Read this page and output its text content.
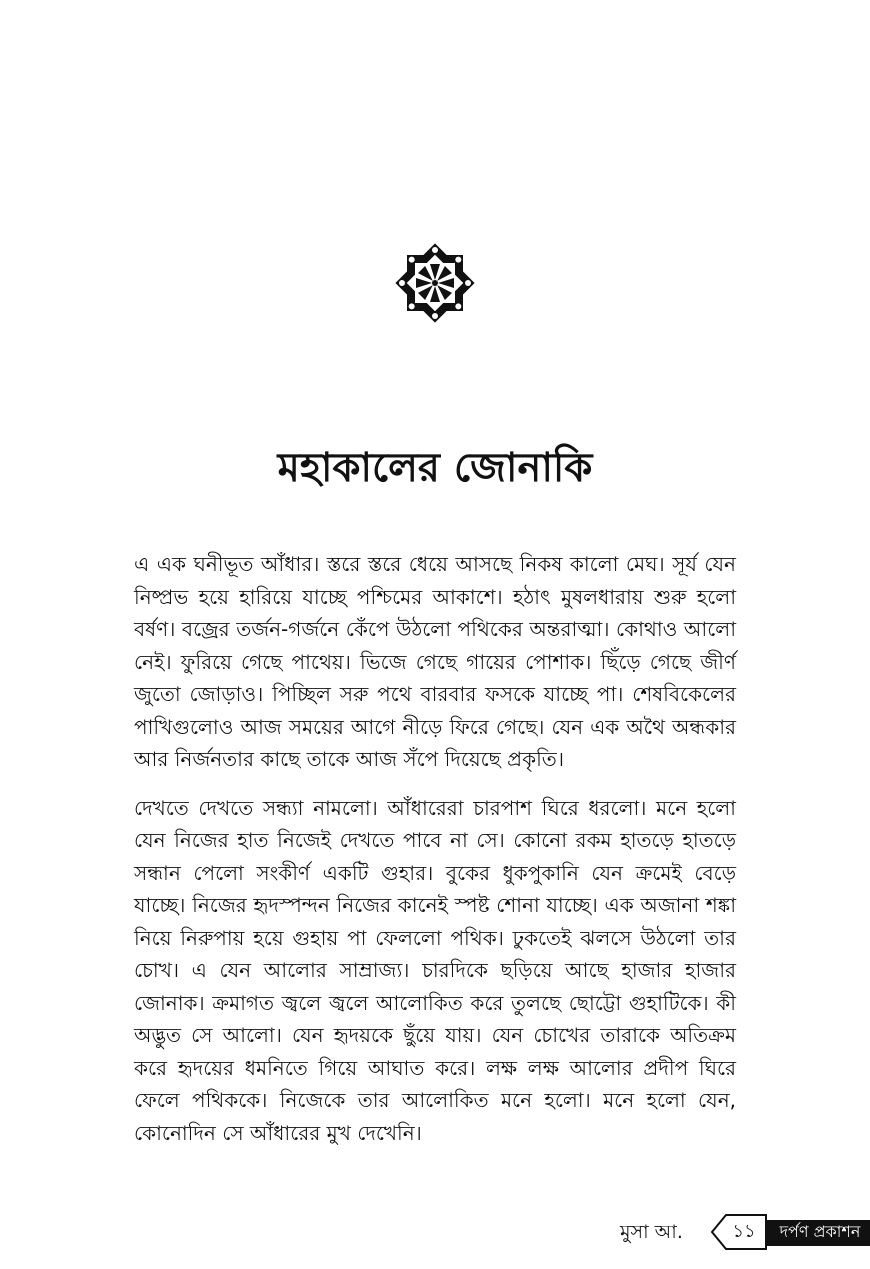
মহাকালের জোনাকি

এ এক ঘনীভূত আঁধার। স্তরে স্তরে ধেয়ে আসছে নিকষ কালো মেঘ। সূর্য যেন নিষ্প্রভ হয়ে হারিয়ে যাচ্ছে পশ্চিমের আকাশে। হঠাৎ মুষলধারায় শুরু হলো বর্ষণ। বজ্রের তর্জন-গর্জনে কেঁপে উঠলো পথিকের অন্তরাত্মা। কোথাও আলো নেই। ফুরিয়ে গেছে পাথেয়। ভিজে গেছে গায়ের পোশাক। ছিঁড়ে গেছে জীর্ণ জুতো জোড়াও। পিচ্ছিল সরু পথে বারবার ফসকে যাচ্ছে পা। শেষবিকেলের পাখিগুলোও আজ সময়ের আগে নীড়ে ফিরে গেছে। যেন এক অথৈ অন্ধকার আর নির্জনতার কাছে তাকে আজ সঁপে দিয়েছে প্রকৃতি।

দেখতে দেখতে সন্ধ্যা নামলো। আঁধারেরা চারপাশ ঘিরে ধরলো। মনে হলো যেন নিজের হাত নিজেই দেখতে পাবে না সে। কোনো রকম হাতড়ে হাতড়ে সন্ধান পেলো সংকীর্ণ একটি গুহার। বুকের ধুকপুকানি যেন ক্রমেই বেড়ে যাচ্ছে। নিজের হৃদস্পন্দন নিজের কানেই স্পষ্ট শোনা যাচ্ছে। এক অজানা শঙ্কা নিয়ে নিরুপায় হয়ে গুহায় পা ফেললো পথিক। ঢুকতেই ঝলসে উঠলো তার চোখ। এ যেন আলোর সাম্রাজ্য। চারদিকে ছড়িয়ে আছে হাজার হাজার জোনাক। ক্রমাগত জ্বলে জ্বলে আলোকিত করে তুলছে ছোট্টো গুহাটিকে। কী অদ্ভুত সে আলো। যেন হৃদয়কে ছুঁয়ে যায়। যেন চোখের তারাকে অতিক্রম করে হৃদয়ের ধমনিতে গিয়ে আঘাত করে। লক্ষ লক্ষ আলোর প্রদীপ ঘিরে ফেলে পথিককে। নিজেকে তার আলোকিত মনে হলো। মনে হলো যেন, কোনোদিন সে আঁধারের মুখ দেখেনি।

মুসা আ.	১১	দর্পণ প্রকাশন
